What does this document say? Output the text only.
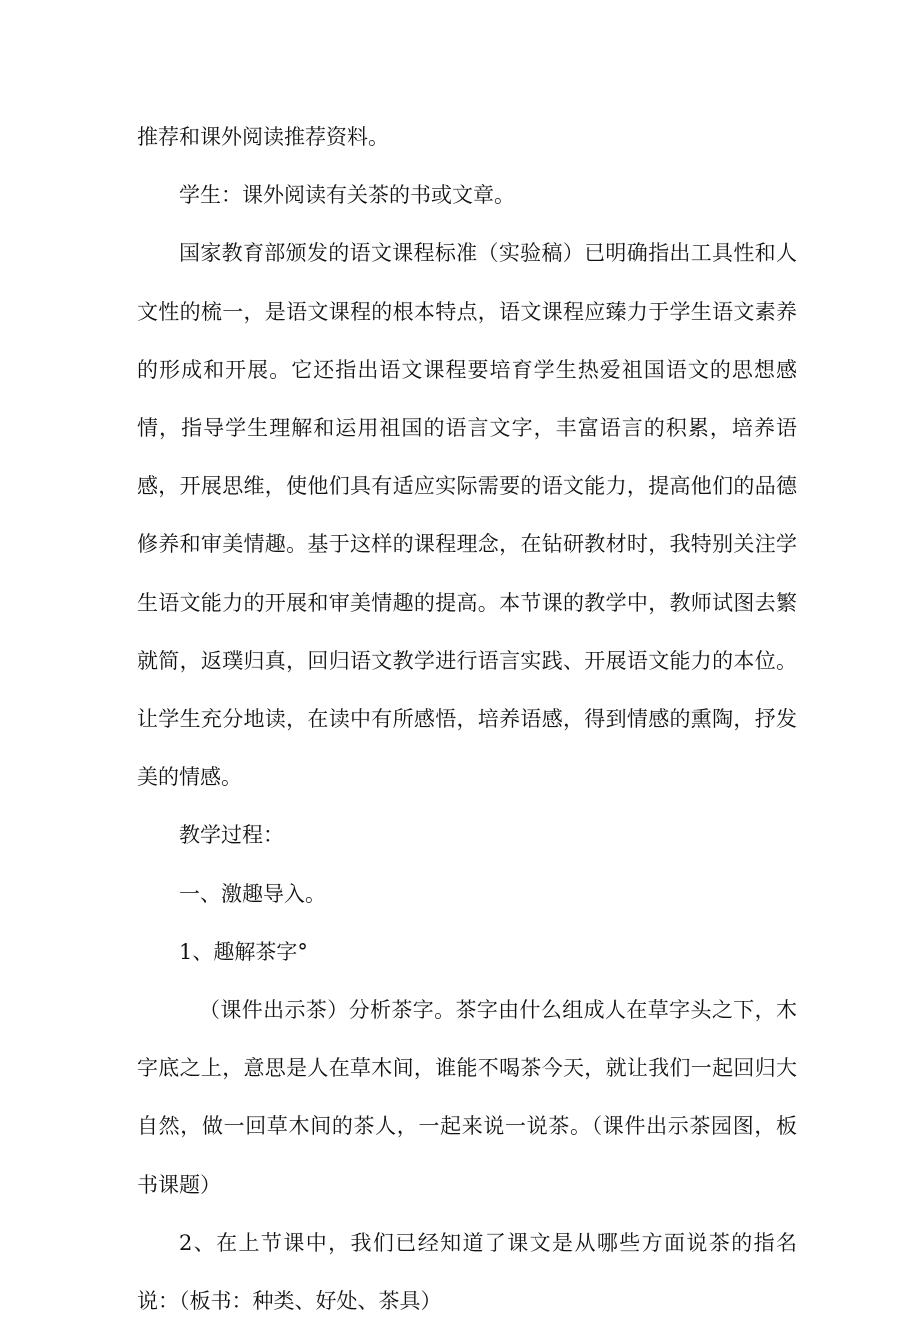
推荐和课外阅读推荐资料。

学生：课外阅读有关茶的书或文章。

国家教育部颁发的语文课程标准（实验稿）已明确指出工具性和人文性的梳一，是语文课程的根本特点，语文课程应臻力于学生语文素养的形成和开展。它还指出语文课程要培育学生热爱祖国语文的思想感情，指导学生理解和运用祖国的语言文字，丰富语言的积累，培养语感，开展思维，使他们具有适应实际需要的语文能力，提高他们的品德修养和审美情趣。基于这样的课程理念，在钻研教材时，我特别关注学生语文能力的开展和审美情趣的提高。本节课的教学中，教师试图去繁就简，返璞归真，回归语文教学进行语言实践、开展语文能力的本位。让学生充分地读，在读中有所感悟，培养语感，得到情感的熏陶，抒发美的情感。

教学过程：

一、激趣导入。

1、趣解茶字°

（课件出示茶）分析茶字。茶字由什么组成人在草字头之下，木字底之上，意思是人在草木间，谁能不喝茶今天，就让我们一起回归大自然，做一回草木间的茶人，一起来说一说茶。（课件出示茶园图，板书课题）

2、在上节课中，我们已经知道了课文是从哪些方面说茶的指名说：（板书：种类、好处、茶具）
